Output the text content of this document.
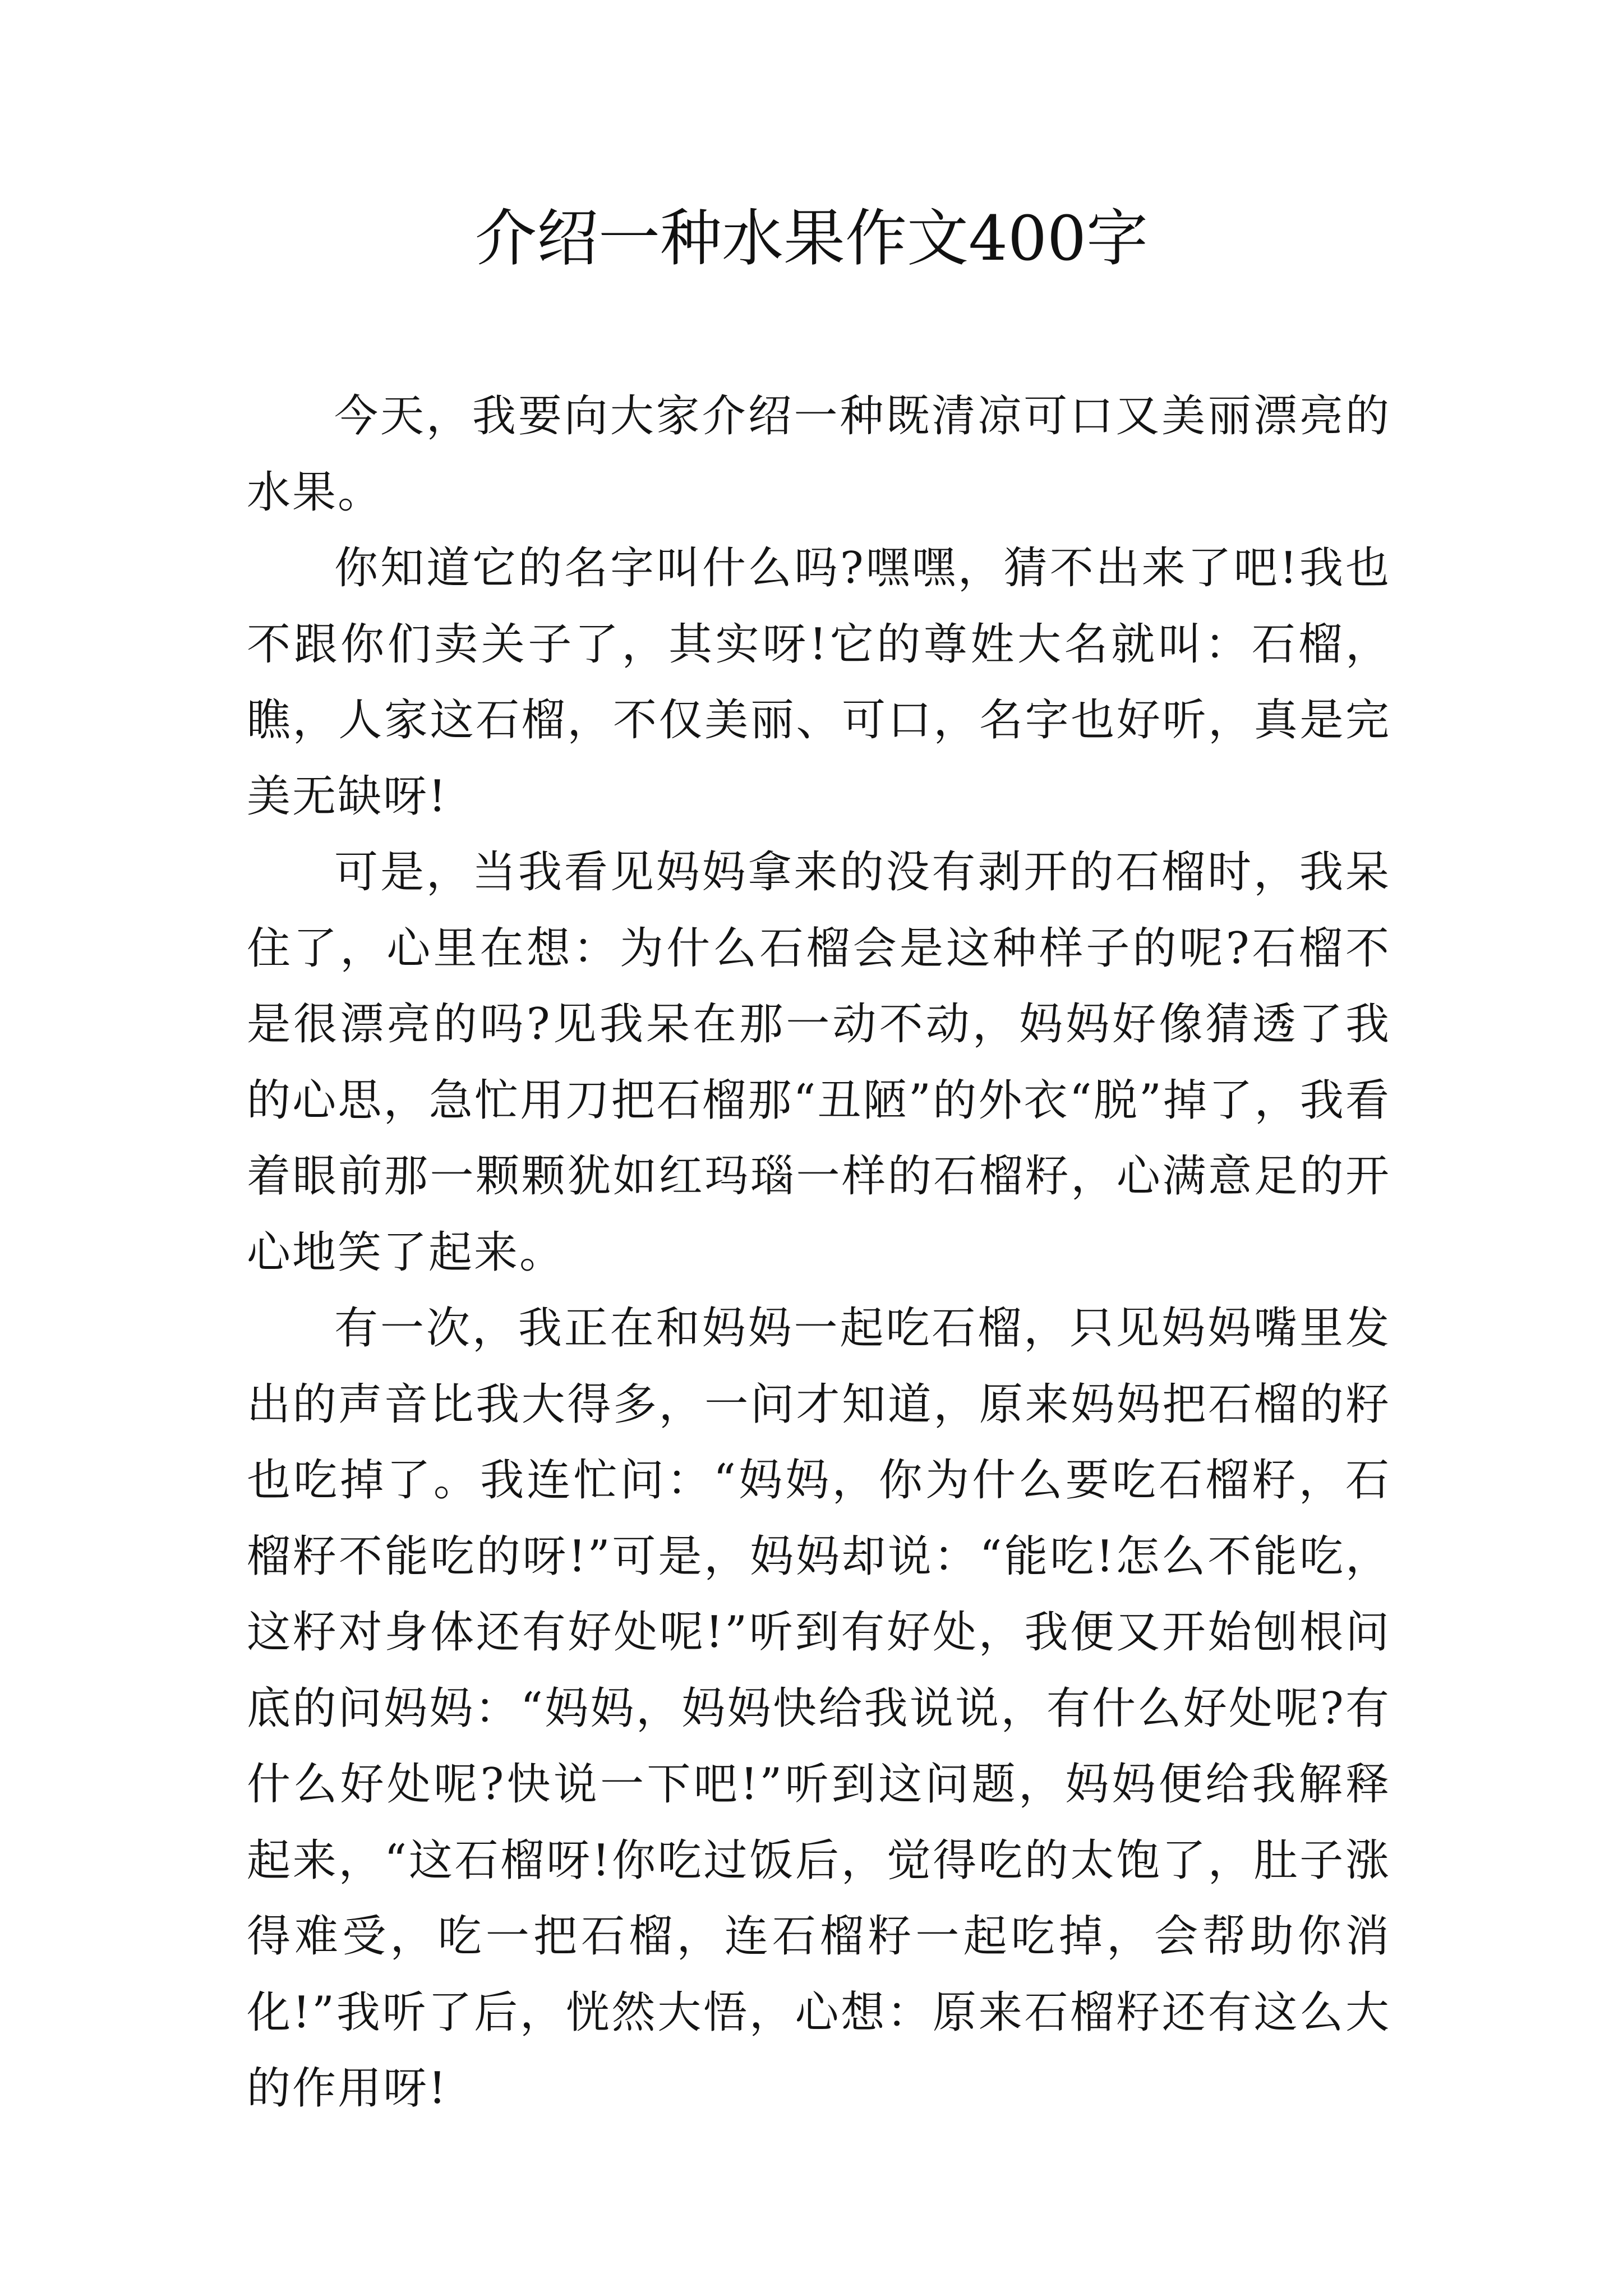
介绍一种水果作文400字

今天，我要向大家介绍一种既清凉可口又美丽漂亮的水果。

你知道它的名字叫什么吗?嘿嘿，猜不出来了吧!我也不跟你们卖关子了，其实呀!它的尊姓大名就叫：石榴，瞧，人家这石榴，不仅美丽、可口，名字也好听，真是完美无缺呀!

可是，当我看见妈妈拿来的没有剥开的石榴时，我呆住了，心里在想：为什么石榴会是这种样子的呢?石榴不是很漂亮的吗?见我呆在那一动不动，妈妈好像猜透了我的心思，急忙用刀把石榴那“丑陋”的外衣“脱”掉了，我看着眼前那一颗颗犹如红玛瑙一样的石榴籽，心满意足的开心地笑了起来。

有一次，我正在和妈妈一起吃石榴，只见妈妈嘴里发出的声音比我大得多，一问才知道，原来妈妈把石榴的籽也吃掉了。我连忙问：“妈妈，你为什么要吃石榴籽，石榴籽不能吃的呀!”可是，妈妈却说：“能吃!怎么不能吃，这籽对身体还有好处呢!”听到有好处，我便又开始刨根问底的问妈妈：“妈妈，妈妈快给我说说，有什么好处呢?有什么好处呢?快说一下吧!”听到这问题，妈妈便给我解释起来，“这石榴呀!你吃过饭后，觉得吃的太饱了，肚子涨得难受，吃一把石榴，连石榴籽一起吃掉，会帮助你消化!”我听了后，恍然大悟，心想：原来石榴籽还有这么大的作用呀!
